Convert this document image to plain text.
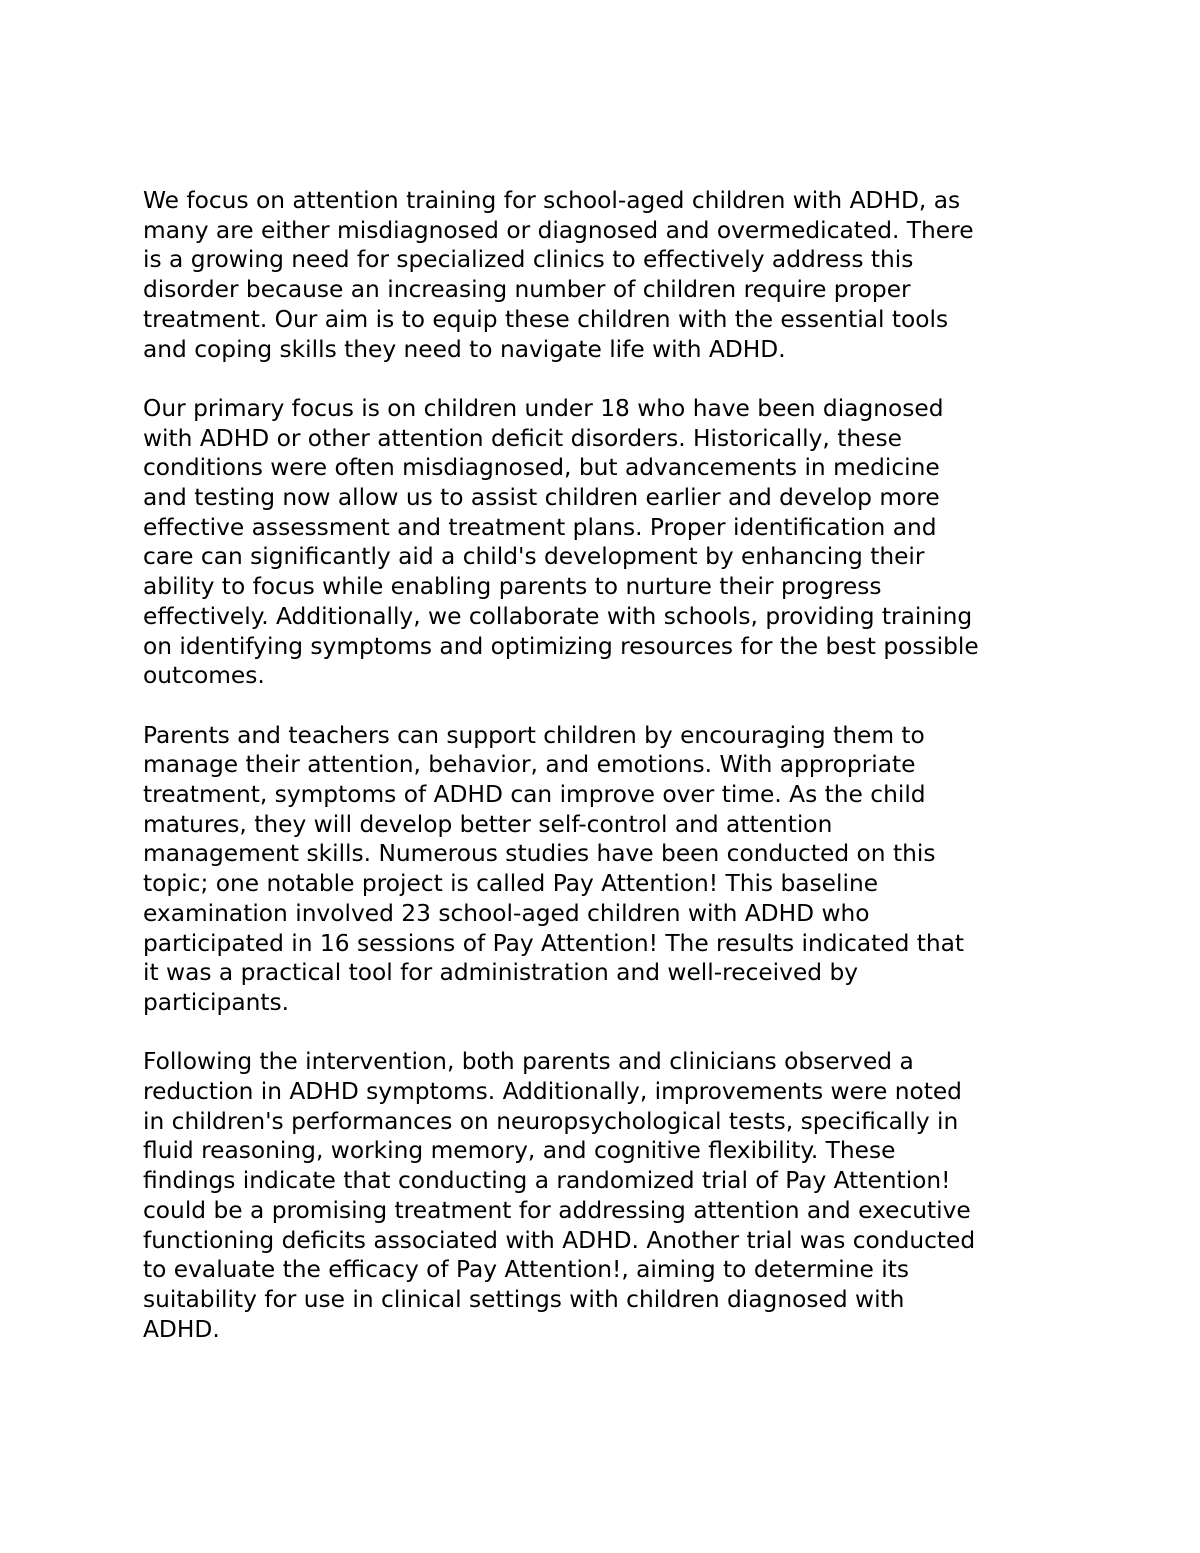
We focus on attention training for school-aged children with ADHD, as
many are either misdiagnosed or diagnosed and overmedicated. There
is a growing need for specialized clinics to effectively address this
disorder because an increasing number of children require proper
treatment. Our aim is to equip these children with the essential tools
and coping skills they need to navigate life with ADHD.

Our primary focus is on children under 18 who have been diagnosed
with ADHD or other attention deficit disorders. Historically, these
conditions were often misdiagnosed, but advancements in medicine
and testing now allow us to assist children earlier and develop more
effective assessment and treatment plans. Proper identification and
care can significantly aid a child's development by enhancing their
ability to focus while enabling parents to nurture their progress
effectively. Additionally, we collaborate with schools, providing training
on identifying symptoms and optimizing resources for the best possible
outcomes.

Parents and teachers can support children by encouraging them to
manage their attention, behavior, and emotions. With appropriate
treatment, symptoms of ADHD can improve over time. As the child
matures, they will develop better self-control and attention
management skills. Numerous studies have been conducted on this
topic; one notable project is called Pay Attention! This baseline
examination involved 23 school-aged children with ADHD who
participated in 16 sessions of Pay Attention! The results indicated that
it was a practical tool for administration and well-received by
participants.

Following the intervention, both parents and clinicians observed a
reduction in ADHD symptoms. Additionally, improvements were noted
in children's performances on neuropsychological tests, specifically in
fluid reasoning, working memory, and cognitive flexibility. These
findings indicate that conducting a randomized trial of Pay Attention!
could be a promising treatment for addressing attention and executive
functioning deficits associated with ADHD. Another trial was conducted
to evaluate the efficacy of Pay Attention!, aiming to determine its
suitability for use in clinical settings with children diagnosed with
ADHD.
